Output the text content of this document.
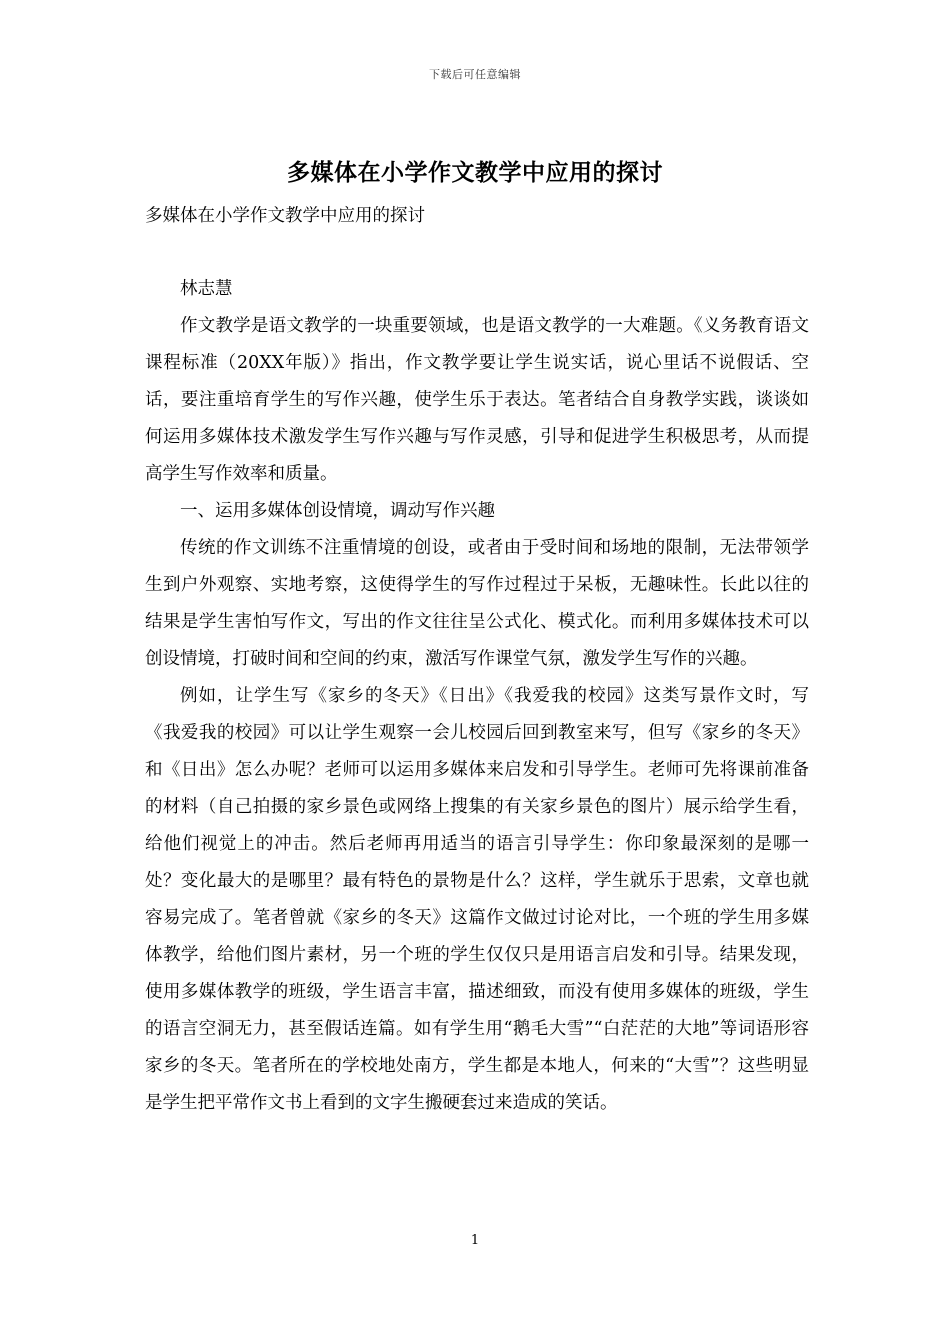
下载后可任意编辑
多媒体在小学作文教学中应用的探讨

多媒体在小学作文教学中应用的探讨

林志慧

作文教学是语文教学的一块重要领域，也是语文教学的一大难题。《义务教育语文课程标准（20XX年版）》指出，作文教学要让学生说实话，说心里话不说假话、空话，要注重培育学生的写作兴趣，使学生乐于表达。笔者结合自身教学实践，谈谈如何运用多媒体技术激发学生写作兴趣与写作灵感，引导和促进学生积极思考，从而提高学生写作效率和质量。

一、运用多媒体创设情境，调动写作兴趣

传统的作文训练不注重情境的创设，或者由于受时间和场地的限制，无法带领学生到户外观察、实地考察，这使得学生的写作过程过于呆板，无趣味性。长此以往的结果是学生害怕写作文，写出的作文往往呈公式化、模式化。而利用多媒体技术可以创设情境，打破时间和空间的约束，激活写作课堂气氛，激发学生写作的兴趣。

例如，让学生写《家乡的冬天》《日出》《我爱我的校园》这类写景作文时，写《我爱我的校园》可以让学生观察一会儿校园后回到教室来写，但写《家乡的冬天》和《日出》怎么办呢？老师可以运用多媒体来启发和引导学生。老师可先将课前准备的材料（自己拍摄的家乡景色或网络上搜集的有关家乡景色的图片）展示给学生看，给他们视觉上的冲击。然后老师再用适当的语言引导学生：你印象最深刻的是哪一处？变化最大的是哪里？最有特色的景物是什么？这样，学生就乐于思索，文章也就容易完成了。笔者曾就《家乡的冬天》这篇作文做过讨论对比，一个班的学生用多媒体教学，给他们图片素材，另一个班的学生仅仅只是用语言启发和引导。结果发现，使用多媒体教学的班级，学生语言丰富，描述细致，而没有使用多媒体的班级，学生的语言空洞无力，甚至假话连篇。如有学生用“鹅毛大雪”“白茫茫的大地”等词语形容家乡的冬天。笔者所在的学校地处南方，学生都是本地人，何来的“大雪”？这些明显是学生把平常作文书上看到的文字生搬硬套过来造成的笑话。

1
